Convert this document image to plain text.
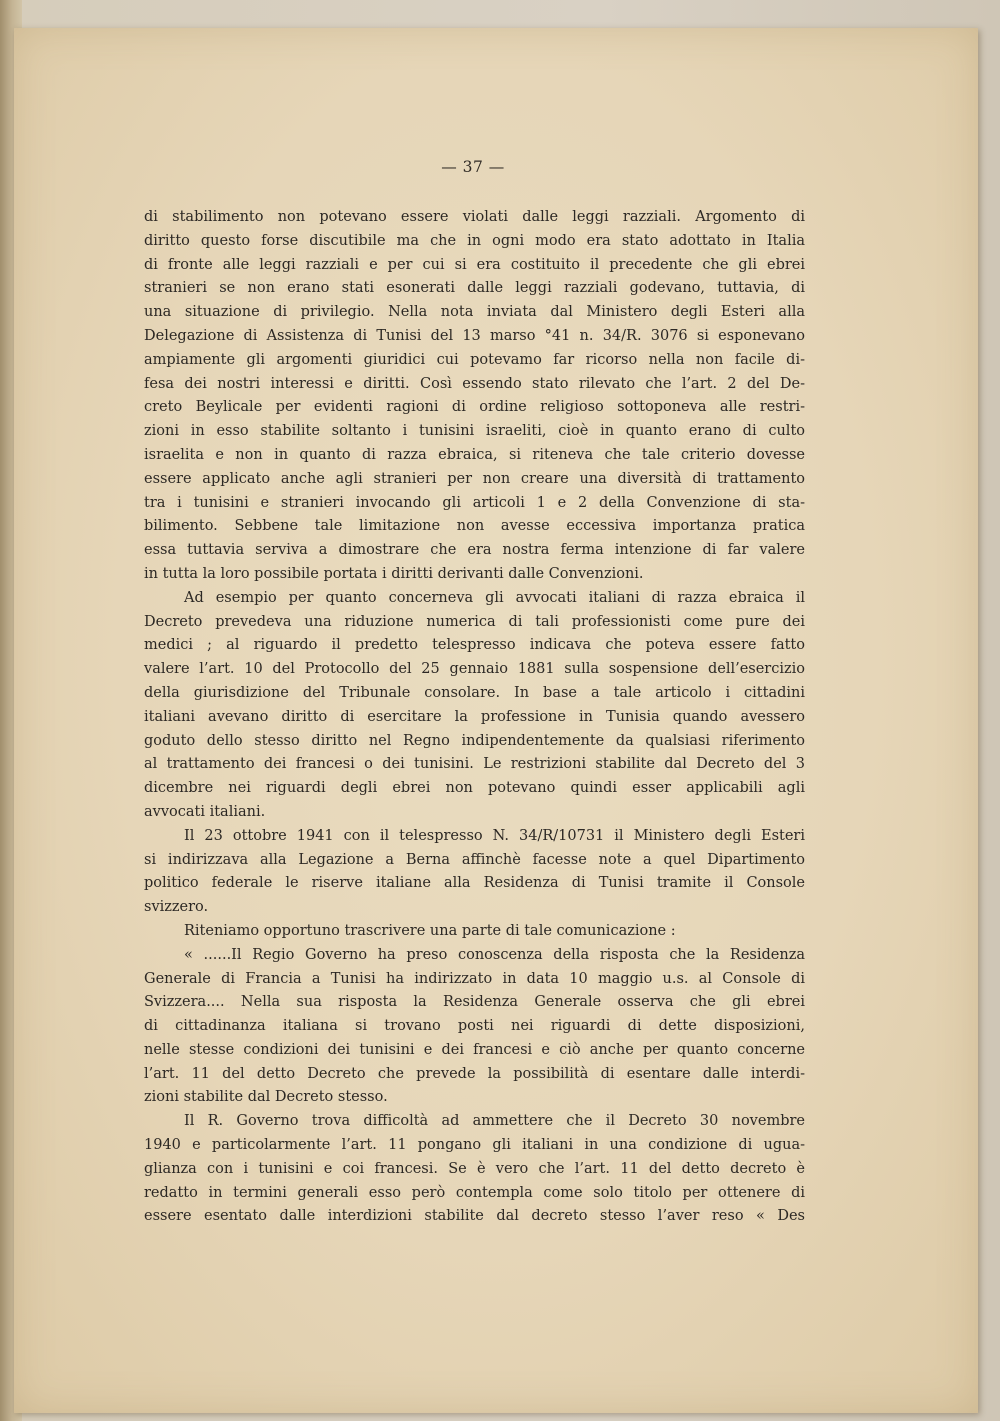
— 37 —
di stabilimento non potevano essere violati dalle leggi razziali. Argomento di
diritto questo forse discutibile ma che in ogni modo era stato adottato in Italia
di fronte alle leggi razziali e per cui si era costituito il precedente che gli ebrei
stranieri se non erano stati esonerati dalle leggi razziali godevano, tuttavia, di
una situazione di privilegio. Nella nota inviata dal Ministero degli Esteri alla
Delegazione di Assistenza di Tunisi del 13 marso °41 n. 34/R. 3076 si esponevano
ampiamente gli argomenti giuridici cui potevamo far ricorso nella non facile di-
fesa dei nostri interessi e diritti. Così essendo stato rilevato che l’art. 2 del De-
creto Beylicale per evidenti ragioni di ordine religioso sottoponeva alle restri-
zioni in esso stabilite soltanto i tunisini israeliti, cioè in quanto erano di culto
israelita e non in quanto di razza ebraica, si riteneva che tale criterio dovesse
essere applicato anche agli stranieri per non creare una diversità di trattamento
tra i tunisini e stranieri invocando gli articoli 1 e 2 della Convenzione di sta-
bilimento. Sebbene tale limitazione non avesse eccessiva importanza pratica
essa tuttavia serviva a dimostrare che era nostra ferma intenzione di far valere
in tutta la loro possibile portata i diritti derivanti dalle Convenzioni.
Ad esempio per quanto concerneva gli avvocati italiani di razza ebraica il
Decreto prevedeva una riduzione numerica di tali professionisti come pure dei
medici ; al riguardo il predetto telespresso indicava che poteva essere fatto
valere l’art. 10 del Protocollo del 25 gennaio 1881 sulla sospensione dell’esercizio
della giurisdizione del Tribunale consolare. In base a tale articolo i cittadini
italiani avevano diritto di esercitare la professione in Tunisia quando avessero
goduto dello stesso diritto nel Regno indipendentemente da qualsiasi riferimento
al trattamento dei francesi o dei tunisini. Le restrizioni stabilite dal Decreto del 3
dicembre nei riguardi degli ebrei non potevano quindi esser applicabili agli
avvocati italiani.
Il 23 ottobre 1941 con il telespresso N. 34/R/10731 il Ministero degli Esteri
si indirizzava alla Legazione a Berna affinchè facesse note a quel Dipartimento
politico federale le riserve italiane alla Residenza di Tunisi tramite il Console
svizzero.
Riteniamo opportuno trascrivere una parte di tale comunicazione :
« ......Il Regio Governo ha preso conoscenza della risposta che la Residenza
Generale di Francia a Tunisi ha indirizzato in data 10 maggio u.s. al Console di
Svizzera.... Nella sua risposta la Residenza Generale osserva che gli ebrei
di cittadinanza italiana si trovano posti nei riguardi di dette disposizioni,
nelle stesse condizioni dei tunisini e dei francesi e ciò anche per quanto concerne
l’art. 11 del detto Decreto che prevede la possibilità di esentare dalle interdi-
zioni stabilite dal Decreto stesso.
Il R. Governo trova difficoltà ad ammettere che il Decreto 30 novembre
1940 e particolarmente l’art. 11 pongano gli italiani in una condizione di ugua-
glianza con i tunisini e coi francesi. Se è vero che l’art. 11 del detto decreto è
redatto in termini generali esso però contempla come solo titolo per ottenere di
essere esentato dalle interdizioni stabilite dal decreto stesso l’aver reso « Des
